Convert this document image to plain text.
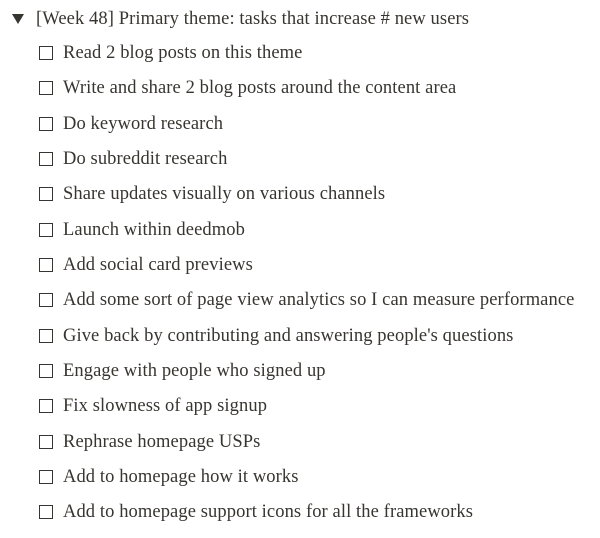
[Week 48] Primary theme: tasks that increase # new users
Read 2 blog posts on this theme
Write and share 2 blog posts around the content area
Do keyword research
Do subreddit research
Share updates visually on various channels
Launch within deedmob
Add social card previews
Add some sort of page view analytics so I can measure performance
Give back by contributing and answering people's questions
Engage with people who signed up
Fix slowness of app signup
Rephrase homepage USPs
Add to homepage how it works
Add to homepage support icons for all the frameworks
